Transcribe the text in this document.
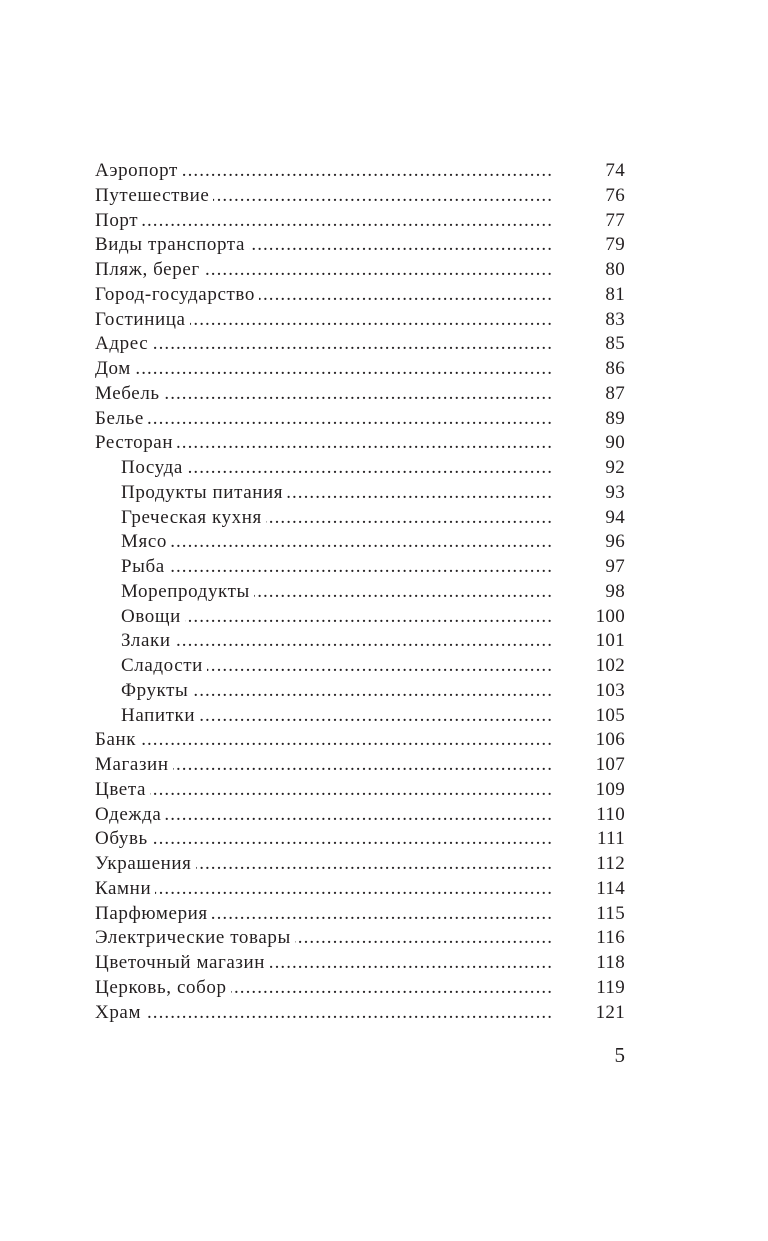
.....
Аэропорт	74
.....
Путешествие	76
.....
Порт	77
.....
Виды транспорта	79
.....
Пляж, берег	80
.....
Город-государство	81
.....
Гостиница	83
.....
Адрес	85
.....
Дом	86
.....
Мебель	87
.....
Белье	89
.....
Ресторан	90
.....
Посуда	92
.....
Продукты питания	93
.....
Греческая кухня	94
.....
Мясо	96
.....
Рыба	97
.....
Морепродукты	98
.....
Овощи	100
.....
Злаки	101
.....
Сладости	102
.....
Фрукты	103
.....
Напитки	105
.....
Банк	106
.....
Магазин	107
.....
Цвета	109
.....
Одежда	110
.....
Обувь	111
.....
Украшения	112
.....
Камни	114
.....
Парфюмерия	115
.....
Электрические товары	116
.....
Цветочный магазин	118
.....
Церковь, собор	119
.....
Храм	121
5
